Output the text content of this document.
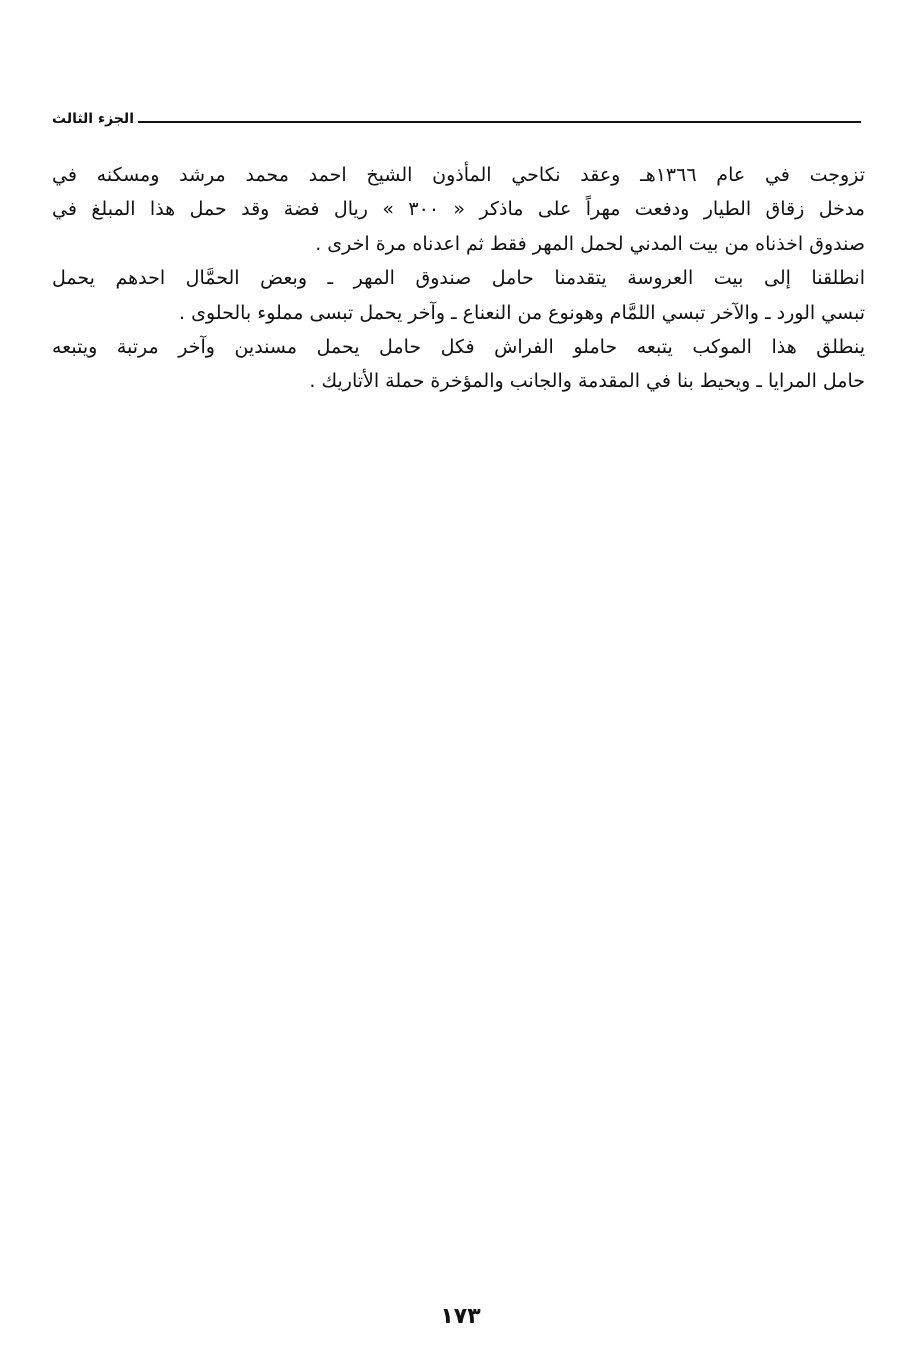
الجزء الثالث
تزوجت في عام ١٣٦٦هـ وعقد نكاحي المأذون الشيخ احمد محمد مرشد ومسكنه في
مدخل زقاق الطيار ودفعت مهراً على ماذكر « ٣٠٠ » ريال فضة وقد حمل هذا المبلغ في
صندوق اخذناه من بيت المدني لحمل المهر فقط ثم اعدناه مرة اخرى .
انطلقنا إلى بيت العروسة يتقدمنا حامل صندوق المهر ـ وبعض الحمَّال احدهم يحمل
تبسي الورد ـ والآخر تبسي اللمَّام وهونوع من النعناع ـ وآخر يحمل تبسى مملوء بالحلوى .
ينطلق هذا الموكب يتبعه حاملو الفراش فكل حامل يحمل مسندين وآخر مرتبة ويتبعه
حامل المرايا ـ ويحيط بنا في المقدمة والجانب والمؤخرة حملة الأتاريك .
١٧٣
